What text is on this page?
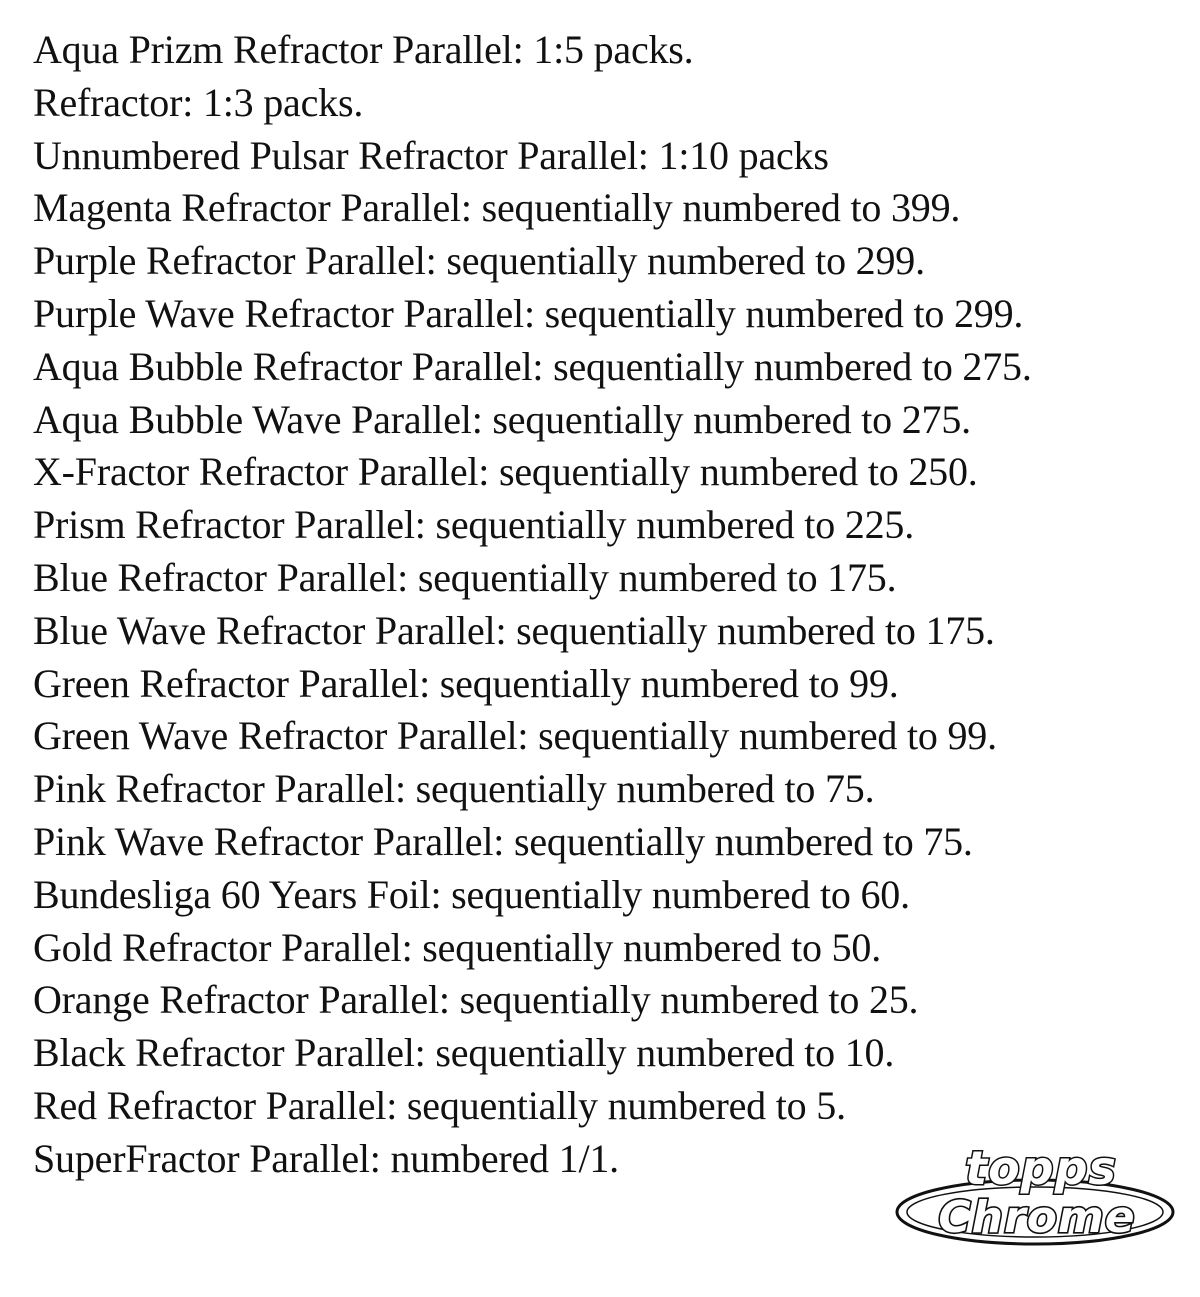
Aqua Prizm Refractor Parallel: 1:5 packs.
Refractor: 1:3 packs.
Unnumbered Pulsar Refractor Parallel: 1:10 packs
Magenta Refractor Parallel: sequentially numbered to 399.
Purple Refractor Parallel: sequentially numbered to 299.
Purple Wave Refractor Parallel: sequentially numbered to 299.
Aqua Bubble Refractor Parallel: sequentially numbered to 275.
Aqua Bubble Wave Parallel: sequentially numbered to 275.
X-Fractor Refractor Parallel: sequentially numbered to 250.
Prism Refractor Parallel: sequentially numbered to 225.
Blue Refractor Parallel: sequentially numbered to 175.
Blue Wave Refractor Parallel: sequentially numbered to 175.
Green Refractor Parallel: sequentially numbered to 99.
Green Wave Refractor Parallel: sequentially numbered to 99.
Pink Refractor Parallel: sequentially numbered to 75.
Pink Wave Refractor Parallel: sequentially numbered to 75.
Bundesliga 60 Years Foil: sequentially numbered to 60.
Gold Refractor Parallel: sequentially numbered to 50.
Orange Refractor Parallel: sequentially numbered to 25.
Black Refractor Parallel: sequentially numbered to 10.
Red Refractor Parallel: sequentially numbered to 5.
SuperFractor Parallel: numbered 1/1.	topps
Chrome
